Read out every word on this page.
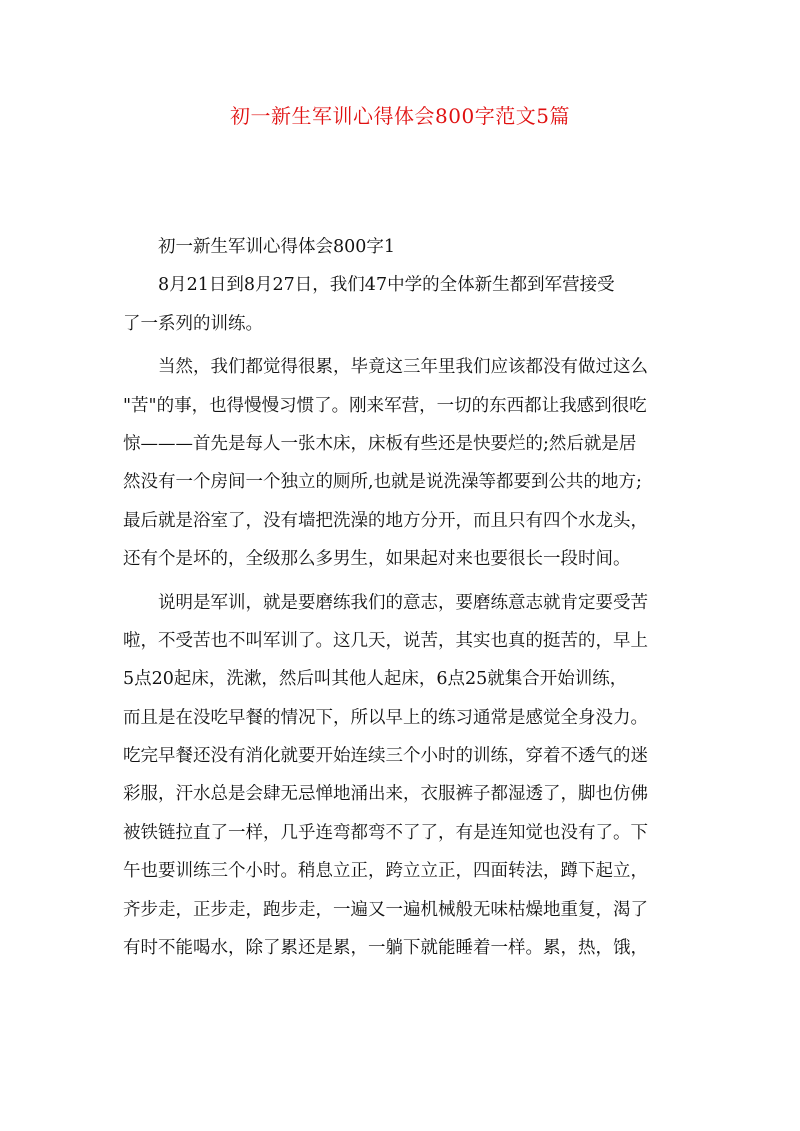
初一新生军训心得体会800字范文5篇
初一新生军训心得体会800字1
8月21日到8月27日，我们47中学的全体新生都到军营接受
了一系列的训练。
当然，我们都觉得很累，毕竟这三年里我们应该都没有做过这么
"苦"的事，也得慢慢习惯了。刚来军营，一切的东西都让我感到很吃
惊———首先是每人一张木床，床板有些还是快要烂的;然后就是居
然没有一个房间一个独立的厕所,也就是说洗澡等都要到公共的地方;
最后就是浴室了，没有墙把洗澡的地方分开，而且只有四个水龙头，
还有个是坏的，全级那么多男生，如果起对来也要很长一段时间。
说明是军训，就是要磨练我们的意志，要磨练意志就肯定要受苦
啦，不受苦也不叫军训了。这几天，说苦，其实也真的挺苦的，早上
5点20起床，洗漱，然后叫其他人起床，6点25就集合开始训练，
而且是在没吃早餐的情况下，所以早上的练习通常是感觉全身没力。
吃完早餐还没有消化就要开始连续三个小时的训练，穿着不透气的迷
彩服，汗水总是会肆无忌惮地涌出来，衣服裤子都湿透了，脚也仿佛
被铁链拉直了一样，几乎连弯都弯不了了，有是连知觉也没有了。下
午也要训练三个小时。稍息立正，跨立立正，四面转法，蹲下起立，
齐步走，正步走，跑步走，一遍又一遍机械般无味枯燥地重复，渴了
有时不能喝水，除了累还是累，一躺下就能睡着一样。累，热，饿，
